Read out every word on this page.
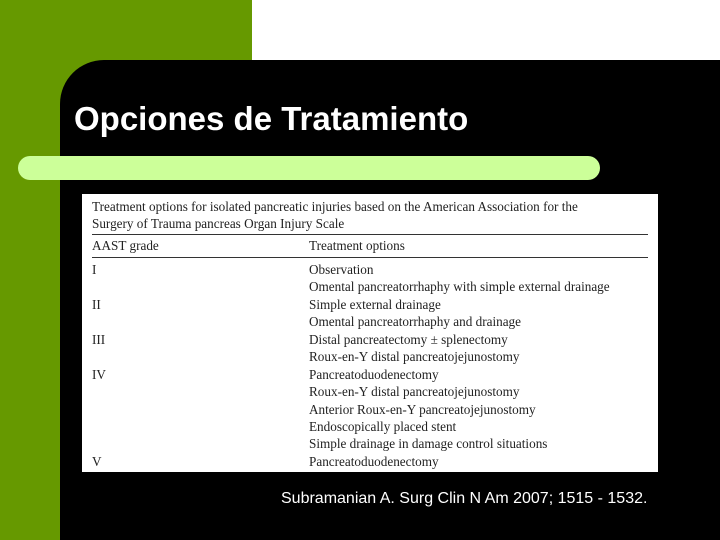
Opciones de Tratamiento
Treatment options for isolated pancreatic injuries based on the American Association for the
Surgery of Trauma pancreas Organ Injury Scale
AAST grade	Treatment options
I	Observation
Omental pancreatorrhaphy with simple external drainage
II	Simple external drainage
Omental pancreatorrhaphy and drainage
III	Distal pancreatectomy ± splenectomy
Roux-en-Y distal pancreatojejunostomy
IV	Pancreatoduodenectomy
Roux-en-Y distal pancreatojejunostomy
Anterior Roux-en-Y pancreatojejunostomy
Endoscopically placed stent
Simple drainage in damage control situations
V	Pancreatoduodenectomy
Subramanian A. Surg Clin N Am 2007; 1515 - 1532.
